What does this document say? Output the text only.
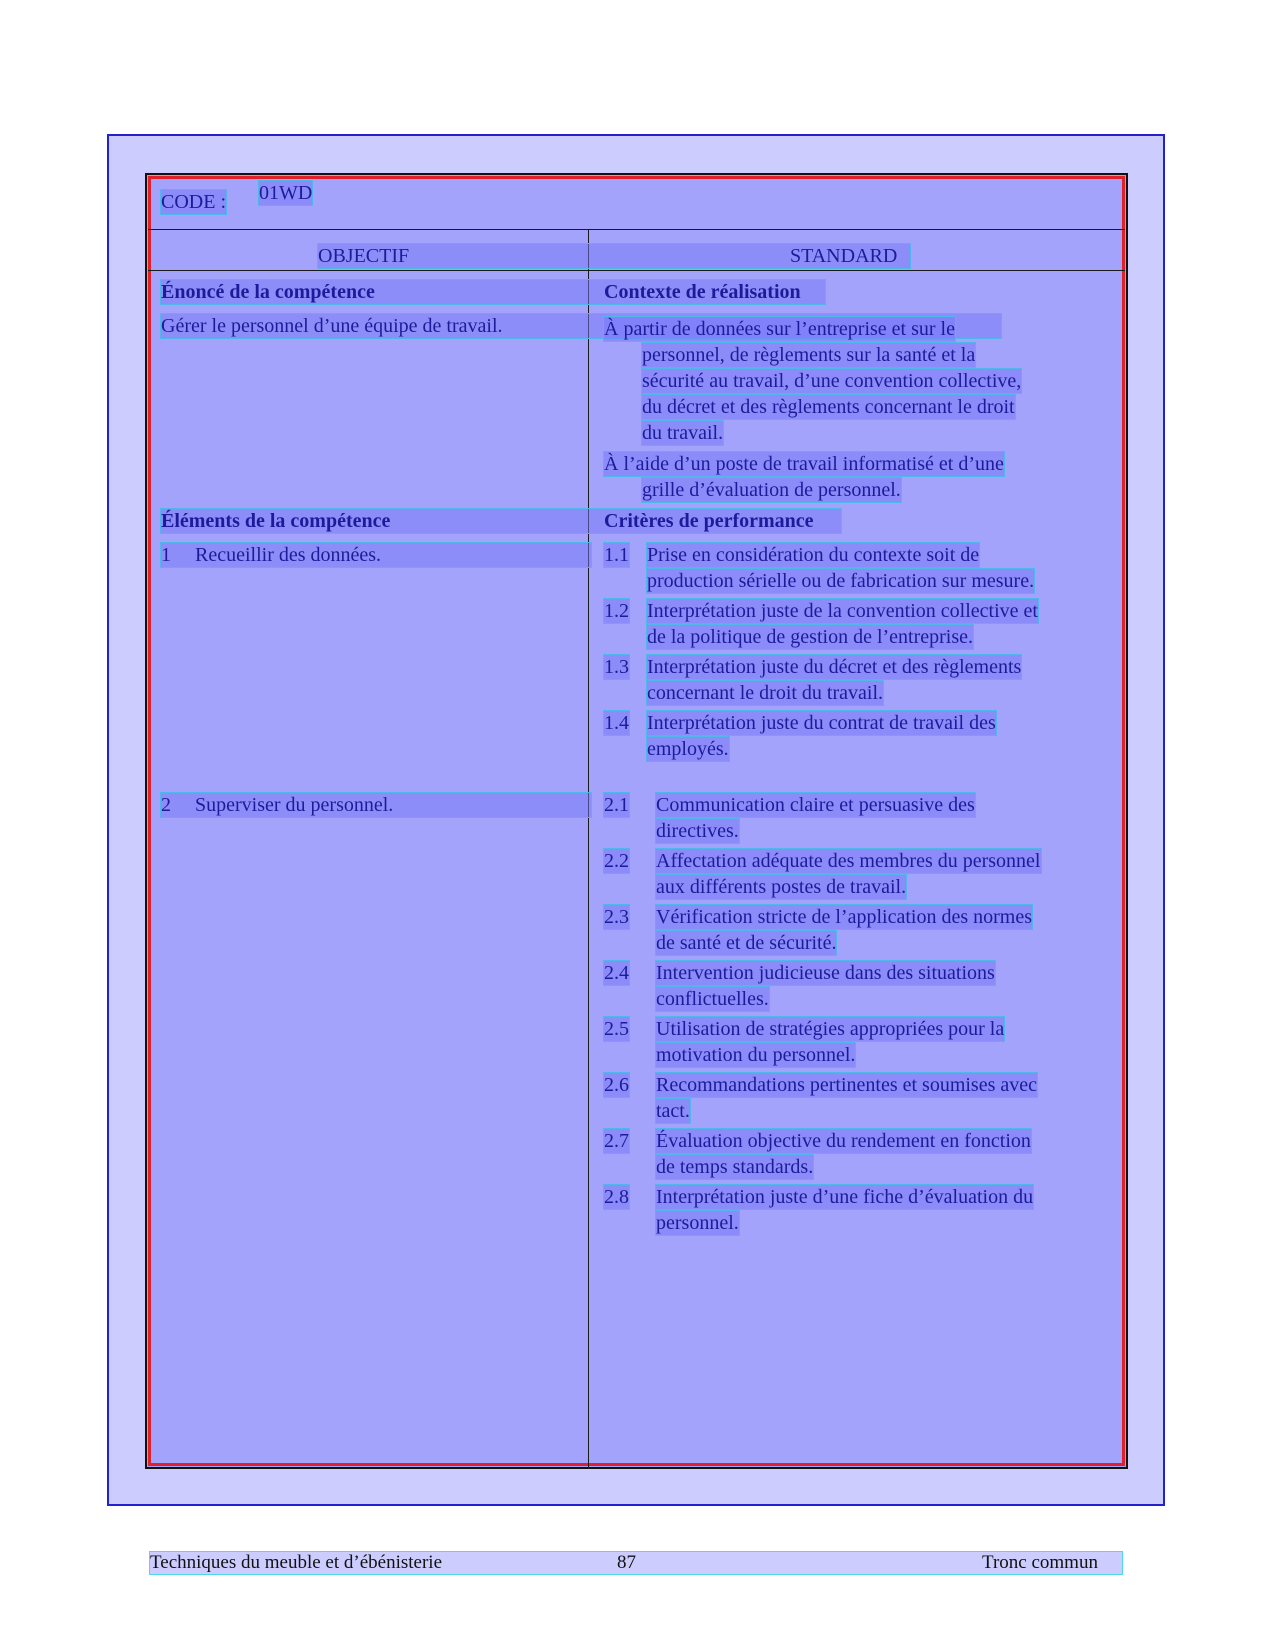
CODE : 01WD
OBJECTIF	STANDARD
Énoncé de la compétence	Contexte de réalisation
Gérer le personnel d’une équipe de travail.	À partir de données sur l’entreprise et sur le
personnel, de règlements sur la santé et la
sécurité au travail, d’une convention collective,
du décret et des règlements concernant le droit
du travail.
À l’aide d’un poste de travail informatisé et d’une
grille d’évaluation de personnel.
Éléments de la compétence	Critères de performance
1 Recueillir des données.	1.1 Prise en considération du contexte soit de
production sérielle ou de fabrication sur mesure.
1.2 Interprétation juste de la convention collective et
de la politique de gestion de l’entreprise.
1.3 Interprétation juste du décret et des règlements
concernant le droit du travail.
1.4 Interprétation juste du contrat de travail des
employés.
2 Superviser du personnel.	2.1 Communication claire et persuasive des
directives.
2.2 Affectation adéquate des membres du personnel
aux différents postes de travail.
2.3 Vérification stricte de l’application des normes
de santé et de sécurité.
2.4 Intervention judicieuse dans des situations
conflictuelles.
2.5 Utilisation de stratégies appropriées pour la
motivation du personnel.
2.6 Recommandations pertinentes et soumises avec
tact.
2.7 Évaluation objective du rendement en fonction
de temps standards.
2.8 Interprétation juste d’une fiche d’évaluation du
personnel.
Techniques du meuble et d’ébénisterie	87	Tronc commun
